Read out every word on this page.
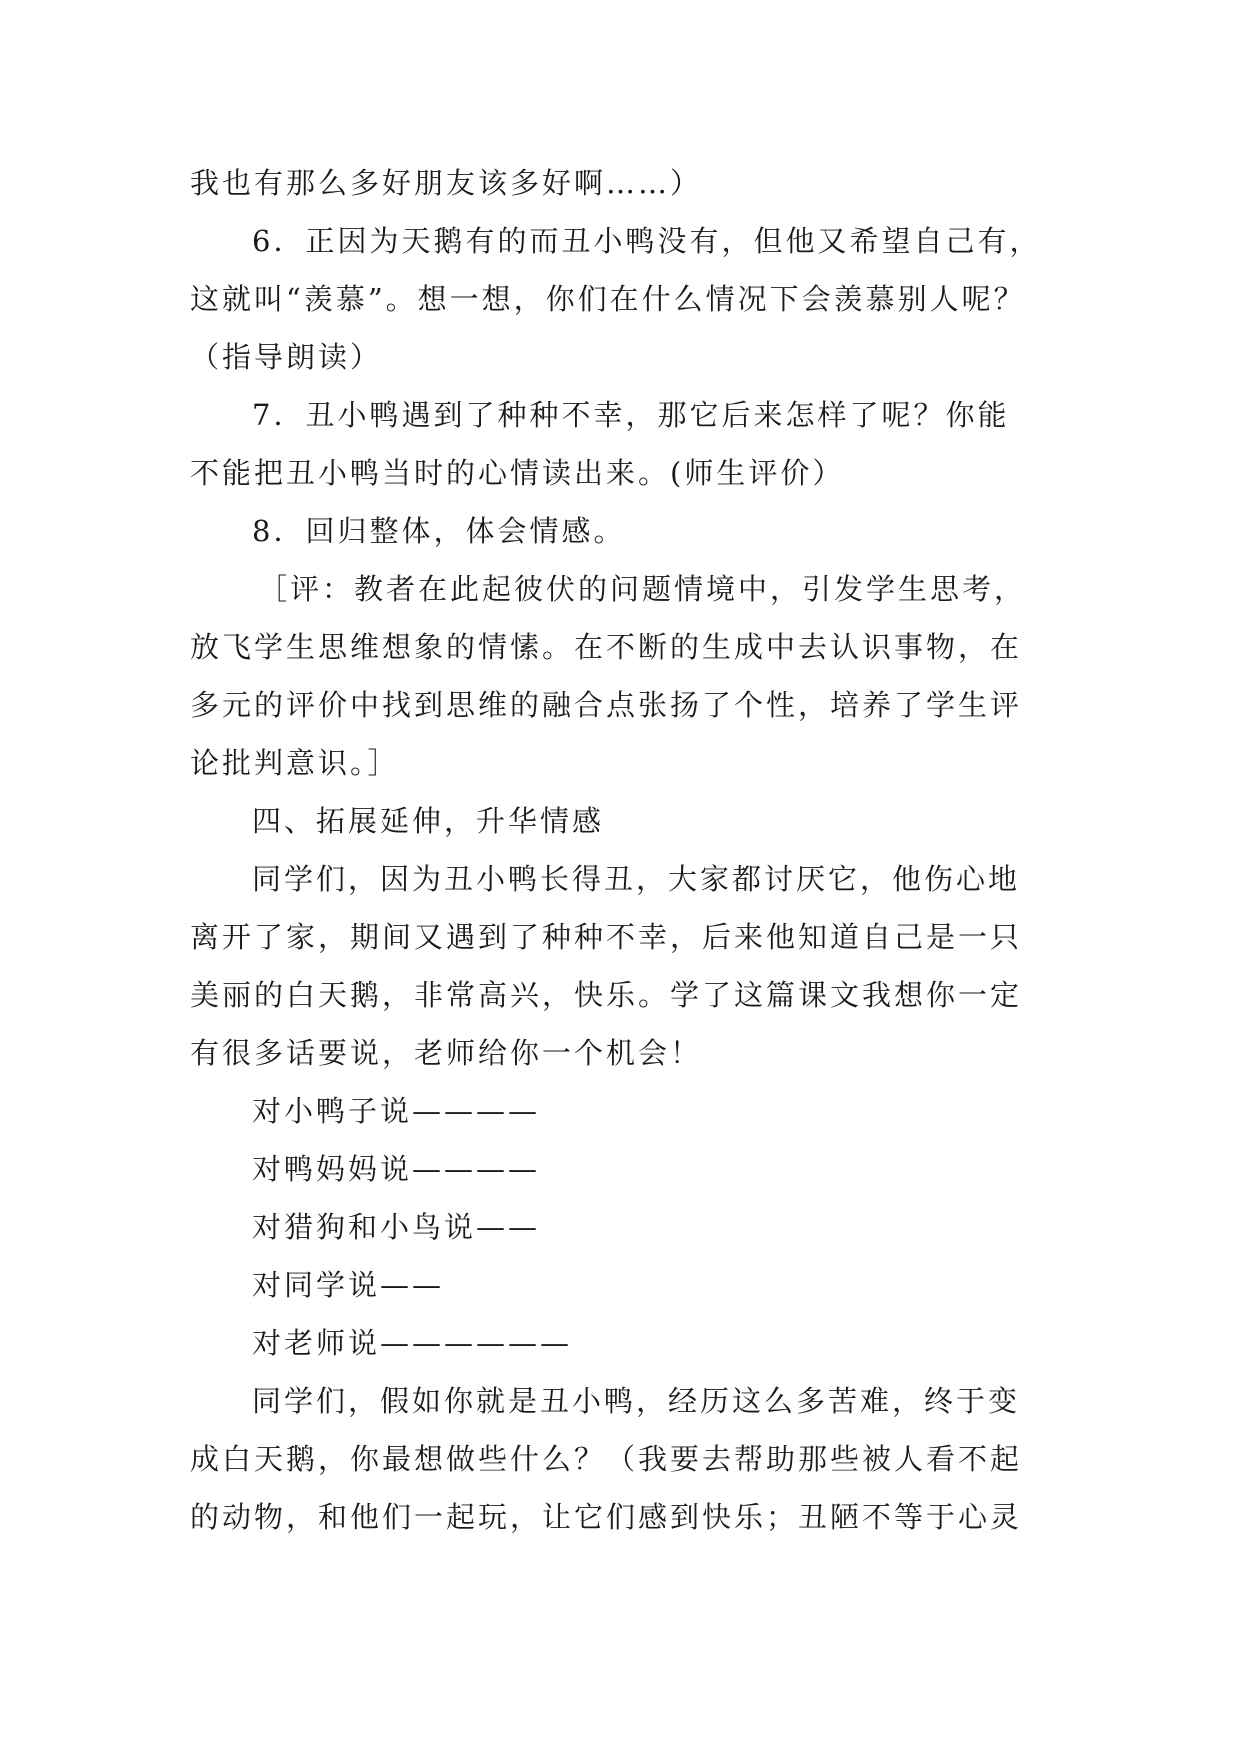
我也有那么多好朋友该多好啊……）
6．正因为天鹅有的而丑小鸭没有，但他又希望自己有，
这就叫“羡慕”。想一想，你们在什么情况下会羡慕别人呢？
（指导朗读）
7．丑小鸭遇到了种种不幸，那它后来怎样了呢？你能
不能把丑小鸭当时的心情读出来。(师生评价）
8．回归整体，体会情感。
［评：教者在此起彼伏的问题情境中，引发学生思考，
放飞学生思维想象的情愫。在不断的生成中去认识事物，在
多元的评价中找到思维的融合点张扬了个性，培养了学生评
论批判意识。］
四、拓展延伸，升华情感
同学们，因为丑小鸭长得丑，大家都讨厌它，他伤心地
离开了家，期间又遇到了种种不幸，后来他知道自己是一只
美丽的白天鹅，非常高兴，快乐。学了这篇课文我想你一定
有很多话要说，老师给你一个机会！
对小鸭子说————
对鸭妈妈说————
对猎狗和小鸟说——
对同学说——
对老师说——————
同学们，假如你就是丑小鸭，经历这么多苦难，终于变
成白天鹅，你最想做些什么？（我要去帮助那些被人看不起
的动物，和他们一起玩，让它们感到快乐；丑陋不等于心灵
